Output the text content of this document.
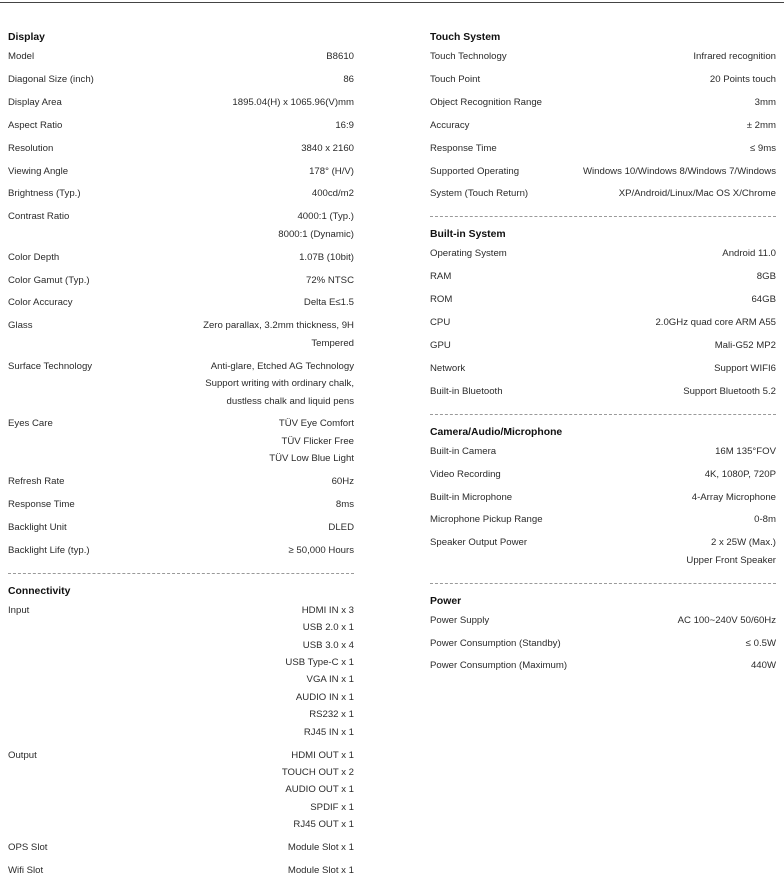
Display
Model	B8610
Diagonal Size (inch)	86
Display Area	1895.04(H) x 1065.96(V)mm
Aspect Ratio	16:9
Resolution	3840 x 2160
Viewing Angle	178° (H/V)
Brightness (Typ.)	400cd/m2
Contrast Ratio	4000:1 (Typ.)
8000:1 (Dynamic)
Color Depth	1.07B (10bit)
Color Gamut (Typ.)	72% NTSC
Color Accuracy	Delta E≤1.5
Glass	Zero parallax, 3.2mm thickness, 9H
Tempered
Surface Technology	Anti-glare, Etched AG Technology
Support writing with ordinary chalk,
dustless chalk and liquid pens
Eyes Care	TÜV Eye Comfort
TÜV Flicker Free
TÜV Low Blue Light
Refresh Rate	60Hz
Response Time	8ms
Backlight Unit	DLED
Backlight Life (typ.)	≥ 50,000 Hours
Connectivity
Input	HDMI IN x 3
USB 2.0 x 1
USB 3.0 x 4
USB Type-C x 1
VGA IN x 1
AUDIO IN x 1
RS232 x 1
RJ45 IN x 1
Output	HDMI OUT x 1
TOUCH OUT x 2
AUDIO OUT x 1
SPDIF x 1
RJ45 OUT x 1
OPS Slot	Module Slot x 1
Wifi Slot	Module Slot x 1
Touch System
Touch Technology	Infrared recognition
Touch Point	20 Points touch
Object Recognition Range	3mm
Accuracy	± 2mm
Response Time	≤ 9ms
Supported Operating	Windows 10/Windows 8/Windows 7/Windows
System (Touch Return)	XP/Android/Linux/Mac OS X/Chrome
Built-in System
Operating System	Android 11.0
RAM	8GB
ROM	64GB
CPU	2.0GHz quad core ARM A55
GPU	Mali-G52 MP2
Network	Support WIFI6
Built-in Bluetooth	Support Bluetooth 5.2
Camera/Audio/Microphone
Built-in Camera	16M 135°FOV
Video Recording	4K, 1080P, 720P
Built-in Microphone	4-Array Microphone
Microphone Pickup Range	0-8m
Speaker Output Power	2 x 25W (Max.)
Upper Front Speaker
Power
Power Supply	AC 100~240V 50/60Hz
Power Consumption (Standby)	≤ 0.5W
Power Consumption (Maximum)	440W
